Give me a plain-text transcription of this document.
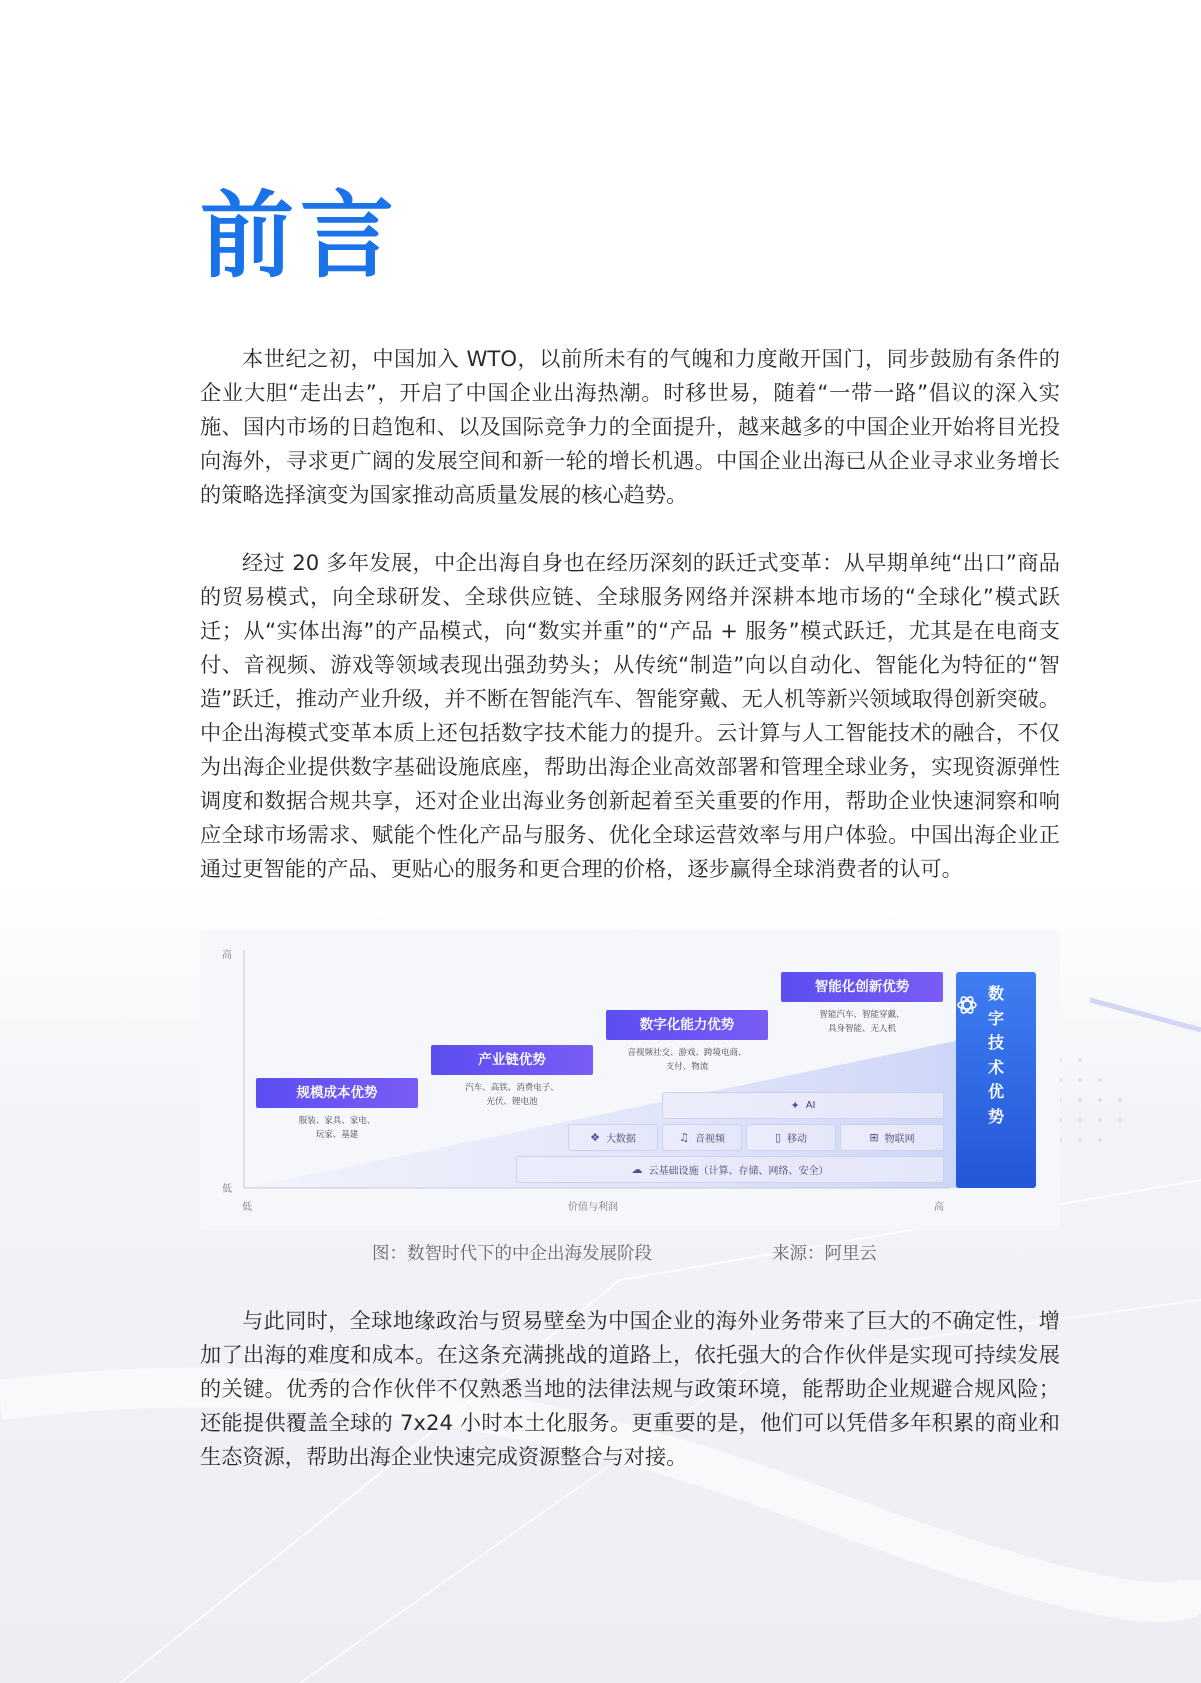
前言

本世纪之初，中国加入 WTO，以前所未有的气魄和力度敞开国门，同步鼓励有条件的企业大胆“走出去”，开启了中国企业出海热潮。时移世易，随着“一带一路”倡议的深入实施、国内市场的日趋饱和、以及国际竞争力的全面提升，越来越多的中国企业开始将目光投向海外，寻求更广阔的发展空间和新一轮的增长机遇。中国企业出海已从企业寻求业务增长的策略选择演变为国家推动高质量发展的核心趋势。

经过 20 多年发展，中企出海自身也在经历深刻的跃迁式变革：从早期单纯“出口”商品的贸易模式，向全球研发、全球供应链、全球服务网络并深耕本地市场的“全球化”模式跃迁；从“实体出海”的产品模式，向“数实并重”的“产品 + 服务”模式跃迁，尤其是在电商支付、音视频、游戏等领域表现出强劲势头；从传统“制造”向以自动化、智能化为特征的“智造”跃迁，推动产业升级，并不断在智能汽车、智能穿戴、无人机等新兴领域取得创新突破。中企出海模式变革本质上还包括数字技术能力的提升。云计算与人工智能技术的融合，不仅为出海企业提供数字基础设施底座，帮助出海企业高效部署和管理全球业务，实现资源弹性调度和数据合规共享，还对企业出海业务创新起着至关重要的作用，帮助企业快速洞察和响应全球市场需求、赋能个性化产品与服务、优化全球运营效率与用户体验。中国出海企业正通过更智能的产品、更贴心的服务和更合理的价格，逐步赢得全球消费者的认可。

高
低
低	价值与利润	高
规模成本优势
服装、家具、家电、
玩家、基建
产业链优势
汽车、高铁、消费电子、
光伏、锂电池
数字化能力优势
音视频社交、游戏、跨境电商、
支付、物流
智能化创新优势
智能汽车、智能穿戴、
具身智能、无人机
✦ AI
❖ 大数据	♫ 音视频	▯ 移动	⊞ 物联网
☁ 云基础设施（计算、存储、网络、安全）
数字技术优势
图：数智时代下的中企出海发展阶段	来源：阿里云

与此同时，全球地缘政治与贸易壁垒为中国企业的海外业务带来了巨大的不确定性，增加了出海的难度和成本。在这条充满挑战的道路上，依托强大的合作伙伴是实现可持续发展的关键。优秀的合作伙伴不仅熟悉当地的法律法规与政策环境，能帮助企业规避合规风险；还能提供覆盖全球的 7x24 小时本土化服务。更重要的是，他们可以凭借多年积累的商业和生态资源，帮助出海企业快速完成资源整合与对接。
